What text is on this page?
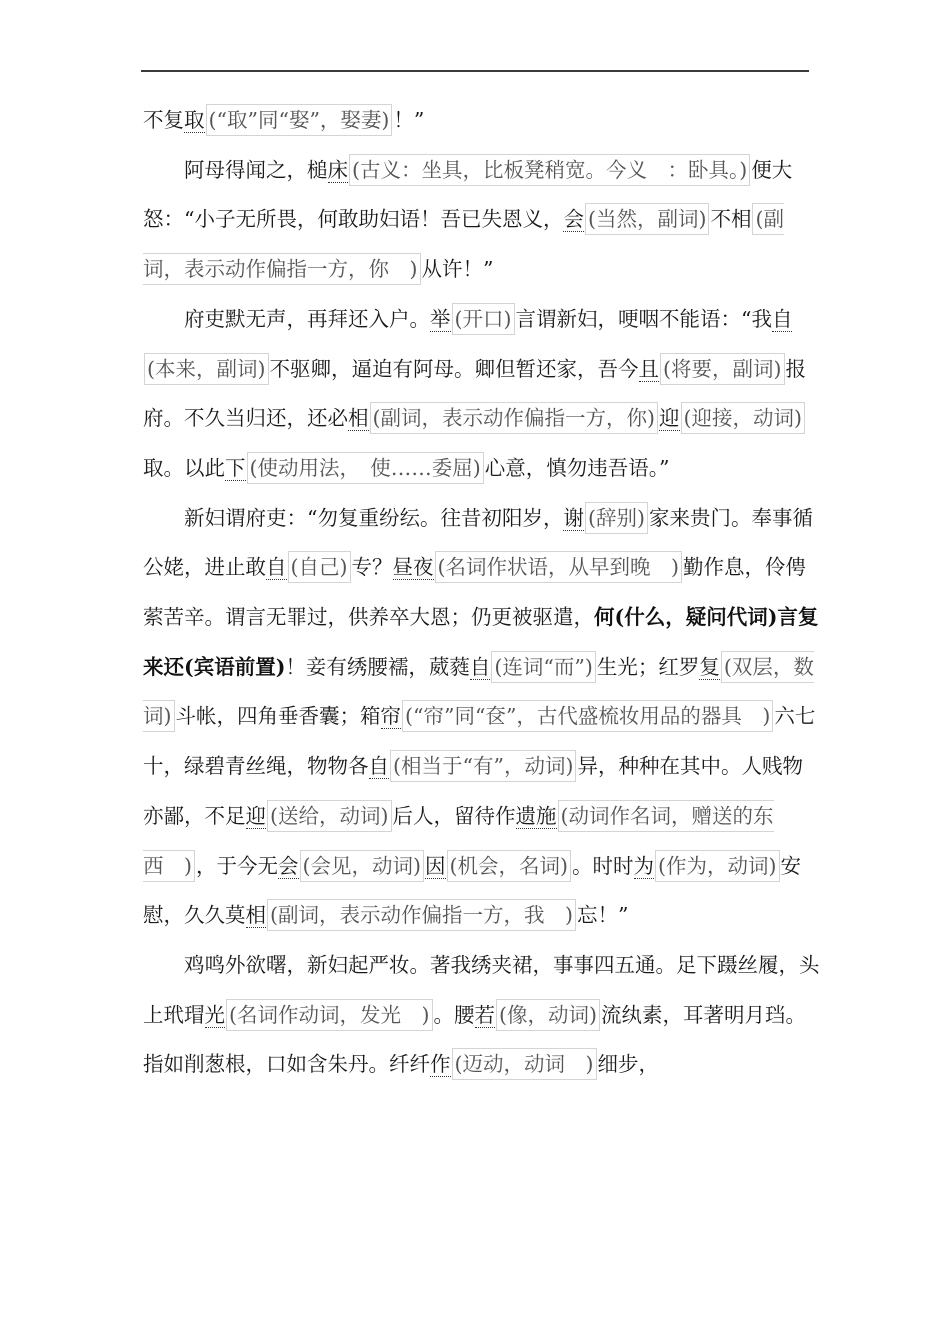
不复取 (“取”同“娶”，娶妻) ！”

阿母得闻之，槌床 (古义：坐具，比板凳稍宽。今义　：卧具。) 便大怒：“小子无所畏，何敢助妇语！吾已失恩义，会 (当然，副词) 不相 (副词，表示动作偏指一方，你　) 从许！”

府吏默无声，再拜还入户。举 (开口) 言谓新妇，哽咽不能语：“我自(本来，副词) 不驱卿，逼迫有阿母。卿但暂还家，吾今且 (将要，副词) 报府。不久当归还，还必相 (副词，表示动作偏指一方，你) 迎 (迎接，动词)取。以此下 (使动用法，　使……委屈) 心意，慎勿违吾语。”

新妇谓府吏：“勿复重纷纭。往昔初阳岁，谢 (辞别) 家来贵门。奉事循公姥，进止敢自 (自己) 专？昼夜 (名词作状语，从早到晚　) 勤作息，伶俜萦苦辛。谓言无罪过，供养卒大恩；仍更被驱遣，何(什么，疑问代词)言复来还(宾语前置)！妾有绣腰襦，葳蕤自 (连词“而”) 生光；红罗复 (双层，数词) 斗帐，四角垂香囊；箱帘 (“帘”同“奁”，古代盛梳妆用品的器具　) 六七十，绿碧青丝绳，物物各自 (相当于“有”，动词) 异，种种在其中。人贱物亦鄙，不足迎 (送给，动词) 后人，留待作遗施 (动词作名词，赠送的东西　) ，于今无会 (会见，动词) 因 (机会，名词) 。时时为 (作为，动词) 安慰，久久莫相 (副词，表示动作偏指一方，我　) 忘！”

鸡鸣外欲曙，新妇起严妆。著我绣夹裙，事事四五通。足下蹑丝履，头上玳瑁光 (名词作动词，发光　) 。腰若 (像，动词) 流纨素，耳著明月珰。指如削葱根，口如含朱丹。纤纤作 (迈动，动词　) 细步，
